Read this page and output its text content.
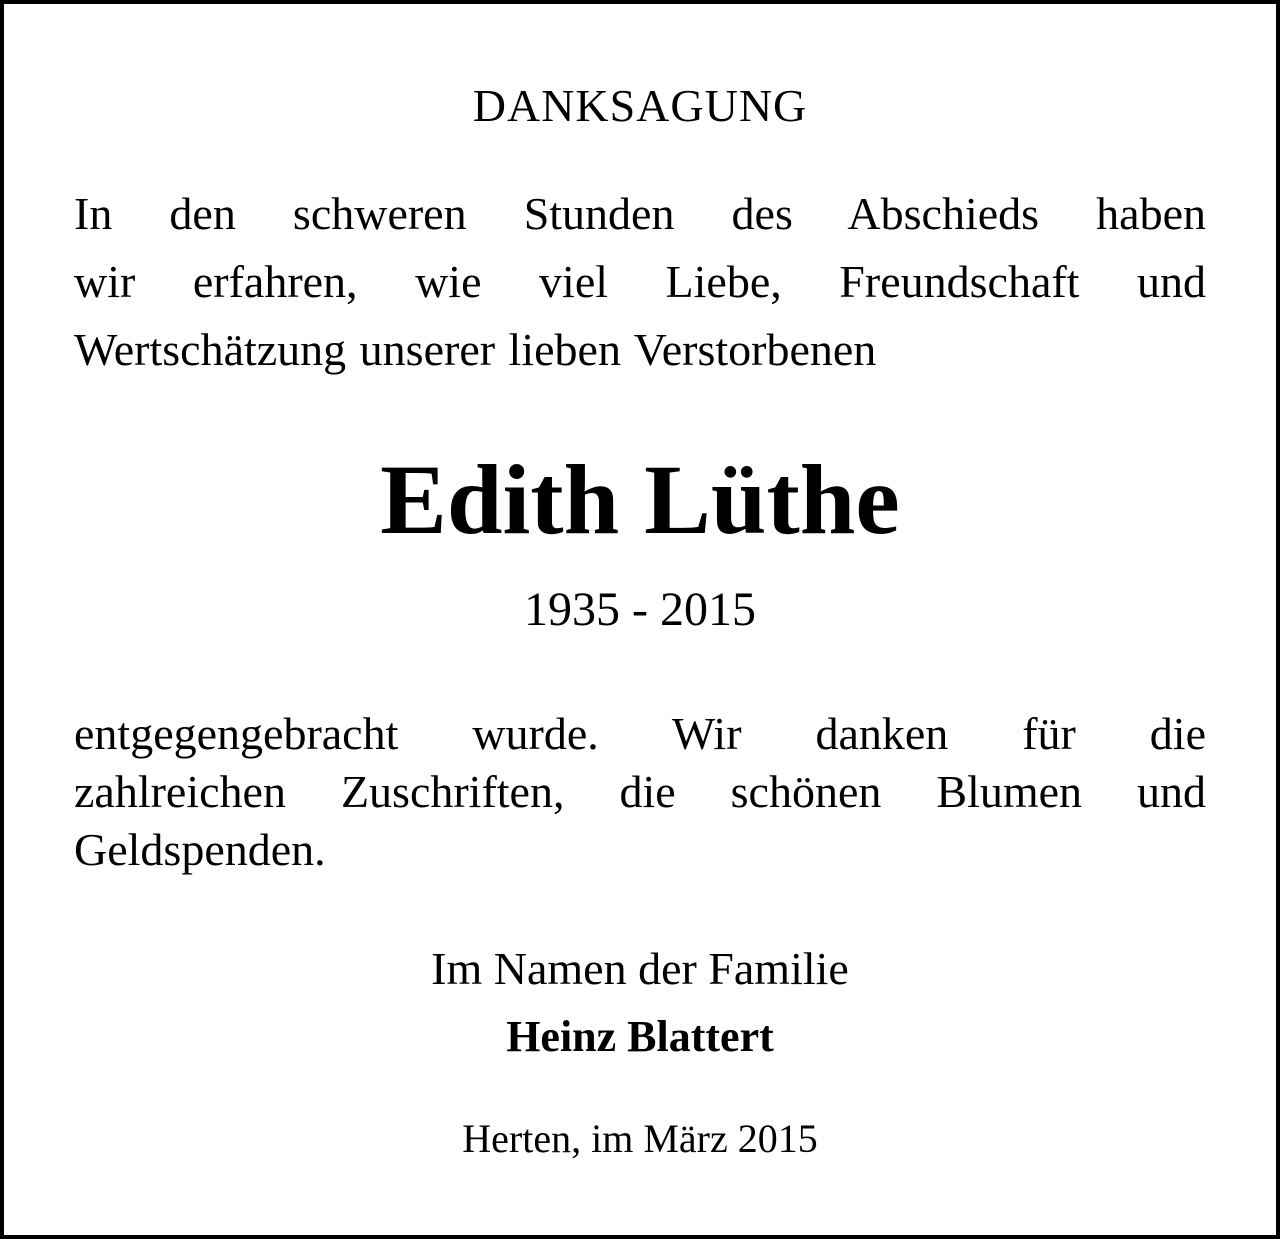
DANKSAGUNG
In den schweren Stunden des Abschieds haben
wir erfahren, wie viel Liebe, Freundschaft und
Wertschätzung unserer lieben Verstorbenen
Edith Lüthe
1935 - 2015
entgegengebracht wurde. Wir danken für die
zahlreichen Zuschriften, die schönen Blumen und
Geldspenden.
Im Namen der Familie
Heinz Blattert
Herten, im März 2015
